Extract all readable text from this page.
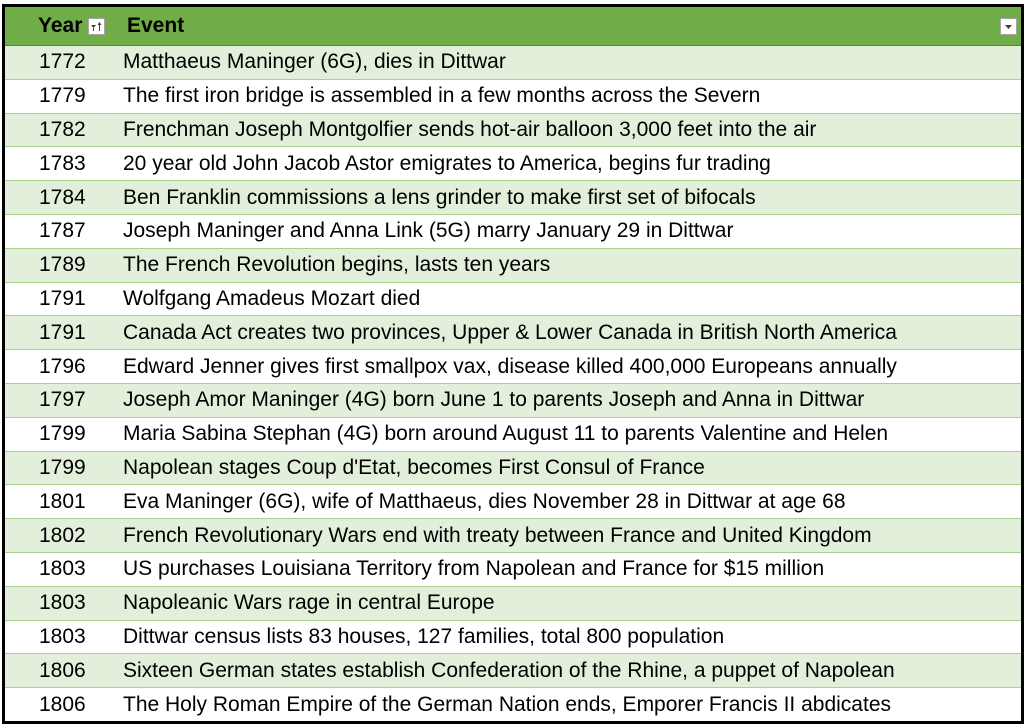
Year Event
1772	Matthaeus Maninger (6G), dies in Dittwar
1779	The first iron bridge is assembled in a few months across the Severn
1782	Frenchman Joseph Montgolfier sends hot-air balloon 3,000 feet into the air
1783	20 year old John Jacob Astor emigrates to America, begins fur trading
1784	Ben Franklin commissions a lens grinder to make first set of bifocals
1787	Joseph Maninger and Anna Link (5G) marry January 29 in Dittwar
1789	The French Revolution begins, lasts ten years
1791	Wolfgang Amadeus Mozart died
1791	Canada Act creates two provinces, Upper & Lower Canada in British North America
1796	Edward Jenner gives first smallpox vax, disease killed 400,000 Europeans annually
1797	Joseph Amor Maninger (4G) born June 1 to parents Joseph and Anna in Dittwar
1799	Maria Sabina Stephan (4G) born around August 11 to parents Valentine and Helen
1799	Napolean stages Coup d'Etat, becomes First Consul of France
1801	Eva Maninger (6G), wife of Matthaeus, dies November 28 in Dittwar at age 68
1802	French Revolutionary Wars end with treaty between France and United Kingdom
1803	US purchases Louisiana Territory from Napolean and France for $15 million
1803	Napoleanic Wars rage in central Europe
1803	Dittwar census lists 83 houses, 127 families, total 800 population
1806	Sixteen German states establish Confederation of the Rhine, a puppet of Napolean
1806	The Holy Roman Empire of the German Nation ends, Emporer Francis II abdicates
